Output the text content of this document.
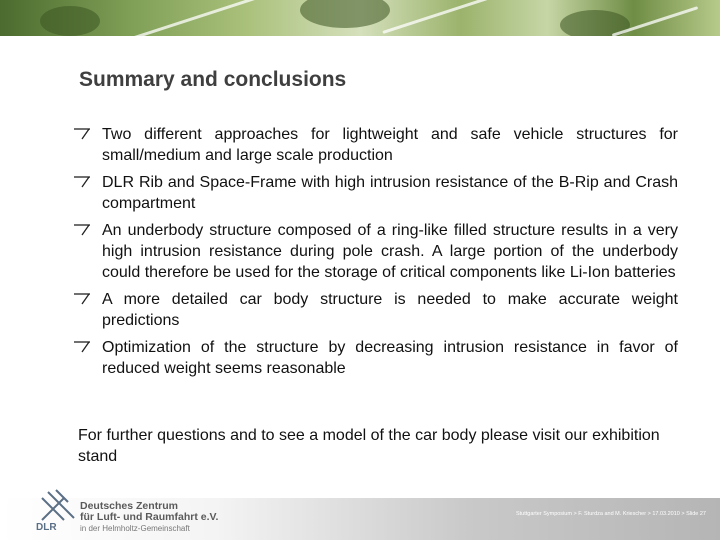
Summary and conclusions
Two different approaches for lightweight and safe vehicle structures for small/medium and large scale production
DLR Rib and Space-Frame with high intrusion resistance of the B-Rip and Crash compartment
An underbody structure composed of a ring-like filled structure results in a very high intrusion resistance during pole crash. A large portion of the underbody could therefore be used for the storage of critical components like Li-Ion batteries
A more detailed car body structure is needed to make accurate weight predictions
Optimization of the structure by decreasing intrusion resistance in favor of reduced weight seems reasonable
For further questions and to see a model of the car body please visit our exhibition stand
DLR
Deutsches Zentrum
für Luft- und Raumfahrt e.V.
in der Helmholtz-Gemeinschaft
Stuttgarter Symposium > F. Sturdza and M. Kriescher > 17.03.2010 > Slide 27
